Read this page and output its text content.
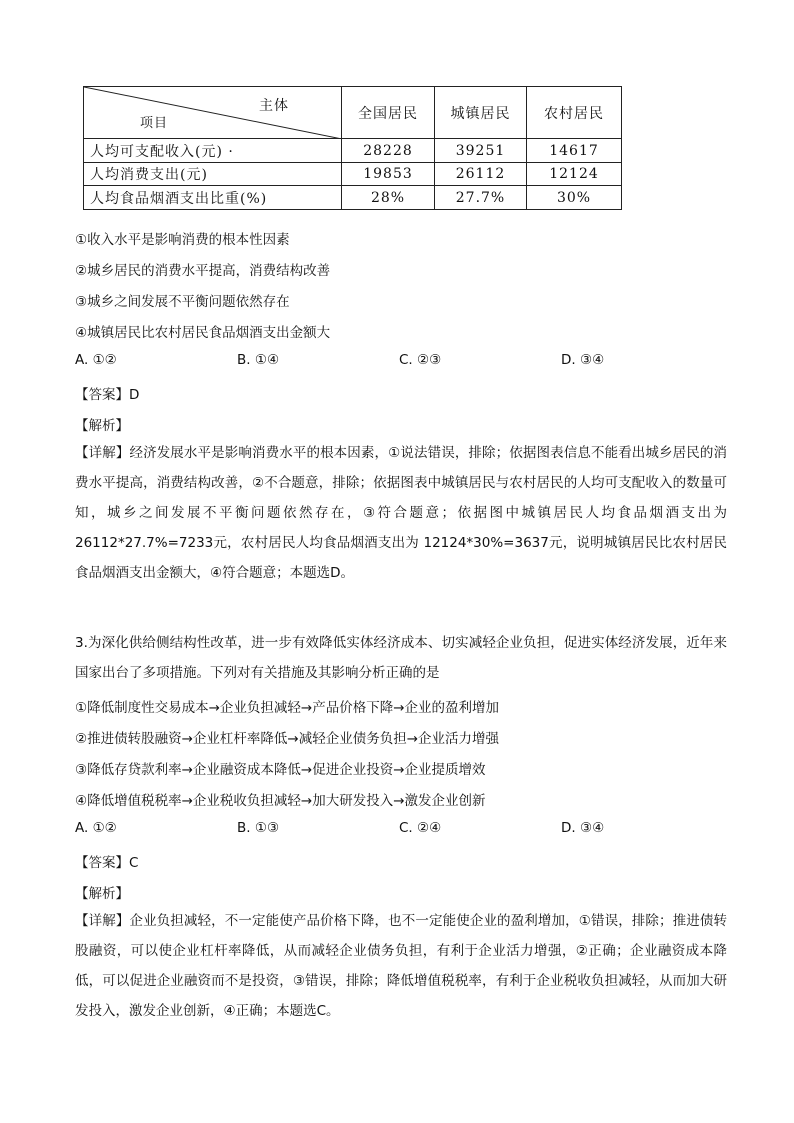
主体
项目
全国居民	城镇居民	农村居民
人均可支配收入(元) ·	28228	39251	14617
人均消费支出(元)	19853	26112	12124
人均食品烟酒支出比重(%)	28%	27.7%	30%
①收入水平是影响消费的根本性因素
②城乡居民的消费水平提高，消费结构改善
③城乡之间发展不平衡问题依然存在
④城镇居民比农村居民食品烟酒支出金额大
A. ①②	B. ①④	C. ②③	D. ③④
【答案】D
【解析】
【详解】经济发展水平是影响消费水平的根本因素，①说法错误，排除；依据图表信息不能看出城乡居民的消费水平提高，消费结构改善，②不合题意，排除；依据图表中城镇居民与农村居民的人均可支配收入的数量可知，城乡之间发展不平衡问题依然存在，③符合题意；依据图中城镇居民人均食品烟酒支出为26112*27.7%=7233元，农村居民人均食品烟酒支出为 12124*30%=3637元，说明城镇居民比农村居民食品烟酒支出金额大，④符合题意；本题选D。
3.为深化供给侧结构性改革，进一步有效降低实体经济成本、切实减轻企业负担，促进实体经济发展，近年来国家出台了多项措施。下列对有关措施及其影响分析正确的是
①降低制度性交易成本→企业负担减轻→产品价格下降→企业的盈利增加
②推进债转股融资→企业杠杆率降低→减轻企业债务负担→企业活力增强
③降低存贷款利率→企业融资成本降低→促进企业投资→企业提质增效
④降低增值税税率→企业税收负担减轻→加大研发投入→激发企业创新
A. ①②	B. ①③	C. ②④	D. ③④
【答案】C
【解析】
【详解】企业负担减轻，不一定能使产品价格下降，也不一定能使企业的盈利增加，①错误，排除；推进债转股融资，可以使企业杠杆率降低，从而减轻企业债务负担，有利于企业活力增强，②正确；企业融资成本降低，可以促进企业融资而不是投资，③错误，排除；降低增值税税率，有利于企业税收负担减轻，从而加大研发投入，激发企业创新，④正确；本题选C。
